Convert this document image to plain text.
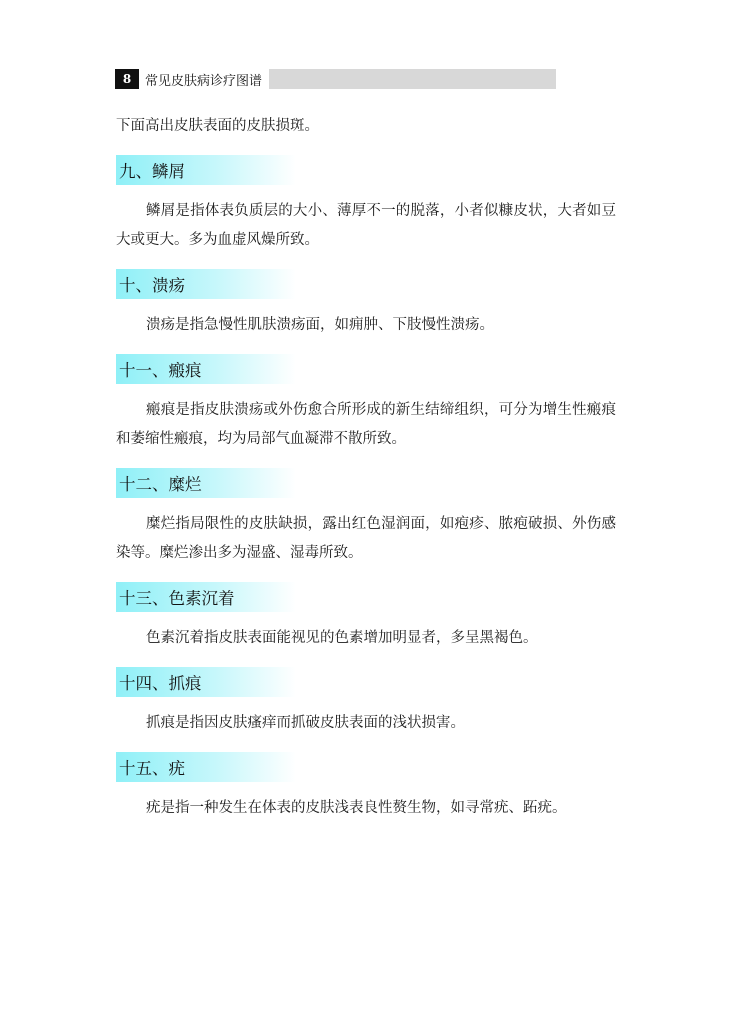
8	常见皮肤病诊疗图谱

下面高出皮肤表面的皮肤损斑。

九、鳞屑

鳞屑是指体表负质层的大小、薄厚不一的脱落，小者似糠皮状，大者如豆大或更大。多为血虚风燥所致。

十、溃疡

溃疡是指急慢性肌肤溃疡面，如痈肿、下肢慢性溃疡。

十一、瘢痕

瘢痕是指皮肤溃疡或外伤愈合所形成的新生结缔组织，可分为增生性瘢痕和萎缩性瘢痕，均为局部气血凝滞不散所致。

十二、糜烂

糜烂指局限性的皮肤缺损，露出红色湿润面，如疱疹、脓疱破损、外伤感染等。糜烂渗出多为湿盛、湿毒所致。

十三、色素沉着

色素沉着指皮肤表面能视见的色素增加明显者，多呈黑褐色。

十四、抓痕

抓痕是指因皮肤瘙痒而抓破皮肤表面的浅状损害。

十五、疣

疣是指一种发生在体表的皮肤浅表良性赘生物，如寻常疣、跖疣。
